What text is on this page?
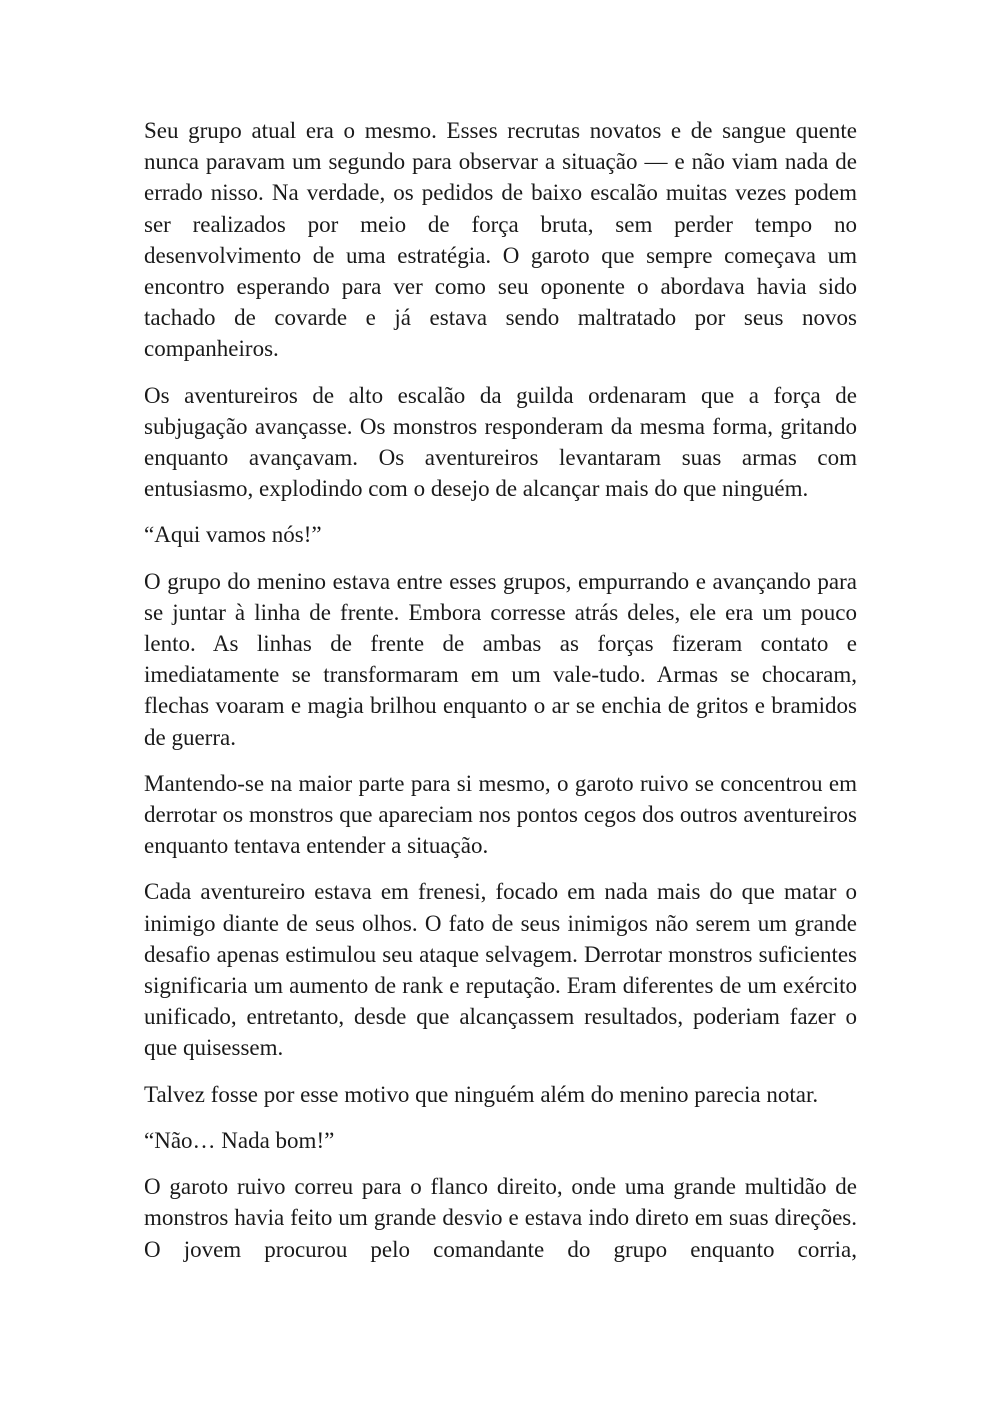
Seu grupo atual era o mesmo. Esses recrutas novatos e de sangue quente nunca paravam um segundo para observar a situação — e não viam nada de errado nisso. Na verdade, os pedidos de baixo escalão muitas vezes podem ser realizados por meio de força bruta, sem perder tempo no desenvolvimento de uma estratégia. O garoto que sempre começava um encontro esperando para ver como seu oponente o abordava havia sido tachado de covarde e já estava sendo maltratado por seus novos companheiros.

Os aventureiros de alto escalão da guilda ordenaram que a força de subjugação avançasse. Os monstros responderam da mesma forma, gritando enquanto avançavam. Os aventureiros levantaram suas armas com entusiasmo, explodindo com o desejo de alcançar mais do que ninguém.

“Aqui vamos nós!”

O grupo do menino estava entre esses grupos, empurrando e avançando para se juntar à linha de frente. Embora corresse atrás deles, ele era um pouco lento. As linhas de frente de ambas as forças fizeram contato e imediatamente se transformaram em um vale-tudo. Armas se chocaram, flechas voaram e magia brilhou enquanto o ar se enchia de gritos e bramidos de guerra.

Mantendo-se na maior parte para si mesmo, o garoto ruivo se concentrou em derrotar os monstros que apareciam nos pontos cegos dos outros aventureiros enquanto tentava entender a situação.

Cada aventureiro estava em frenesi, focado em nada mais do que matar o inimigo diante de seus olhos. O fato de seus inimigos não serem um grande desafio apenas estimulou seu ataque selvagem. Derrotar monstros suficientes significaria um aumento de rank e reputação. Eram diferentes de um exército unificado, entretanto, desde que alcançassem resultados, poderiam fazer o que quisessem.

Talvez fosse por esse motivo que ninguém além do menino parecia notar.

“Não… Nada bom!”

O garoto ruivo correu para o flanco direito, onde uma grande multidão de monstros havia feito um grande desvio e estava indo direto em suas direções. O jovem procurou pelo comandante do grupo enquanto corria,
